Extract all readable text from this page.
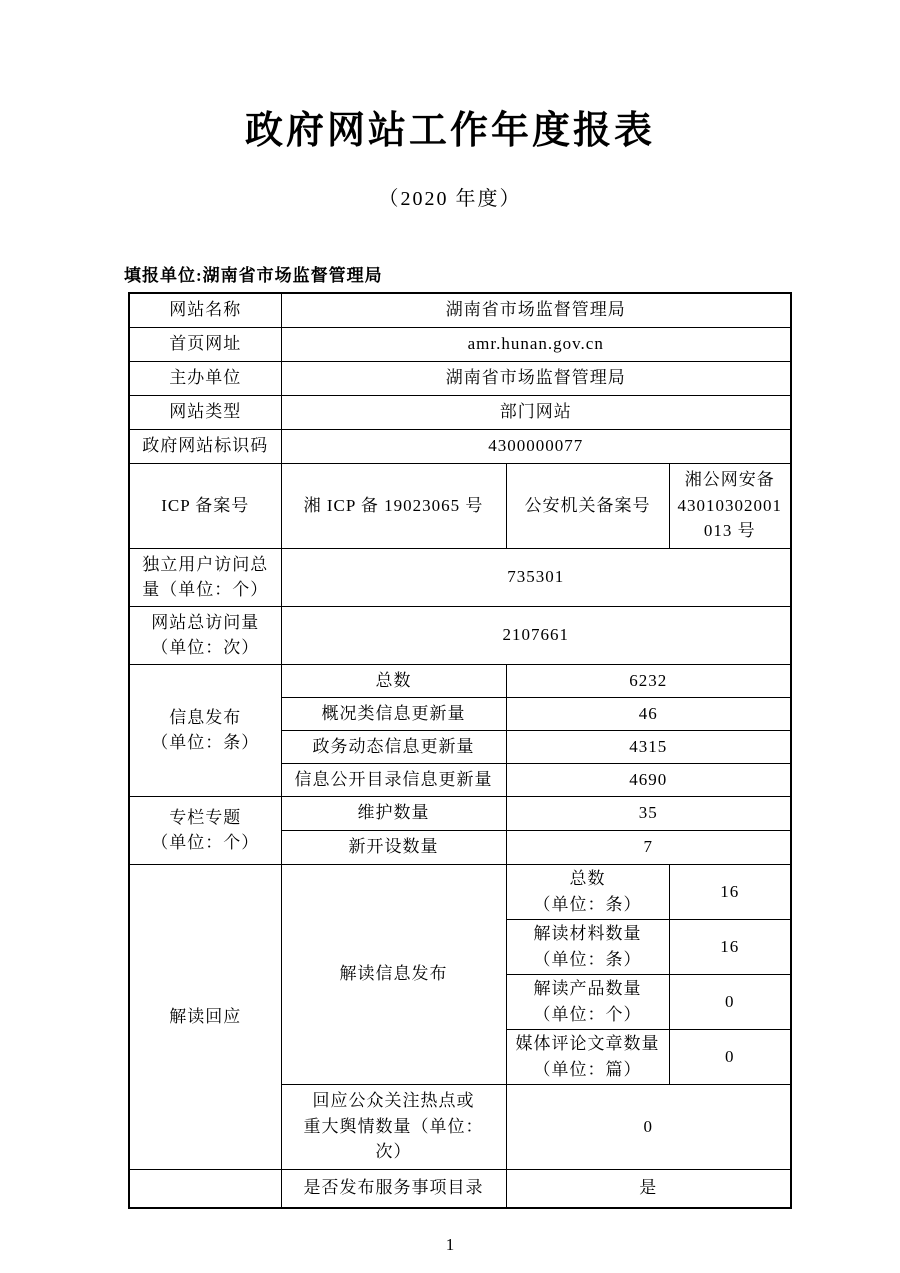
政府网站工作年度报表
（2020 年度）
填报单位:湖南省市场监督管理局
网站名称	湖南省市场监督管理局		
首页网址	amr.hunan.gov.cn		
主办单位	湖南省市场监督管理局		
网站类型	部门网站		
政府网站标识码	4300000077		
ICP 备案号	湘 ICP 备 19023065 号	公安机关备案号	湘公网安备
43010302001
013 号

独立用户访问总
量（单位：个）	735301		

网站总访问量
（单位：次）	2107661		

信息发布
（单位：条）	总数	6232	
	概况类信息更新量	46	
	政务动态信息更新量	4315	
	信息公开目录信息更新量	4690	

专栏专题
（单位：个）	维护数量	35	
	新开设数量	7	
解读回应	解读信息发布	总数
（单位：条）	16

		解读材料数量
（单位：条）	16

		解读产品数量
（单位：个）	0

		媒体评论文章数量
（单位：篇）	0

	回应公众关注热点或
重大舆情数量（单位：
次）	0	
	是否发布服务事项目录	是	
1
